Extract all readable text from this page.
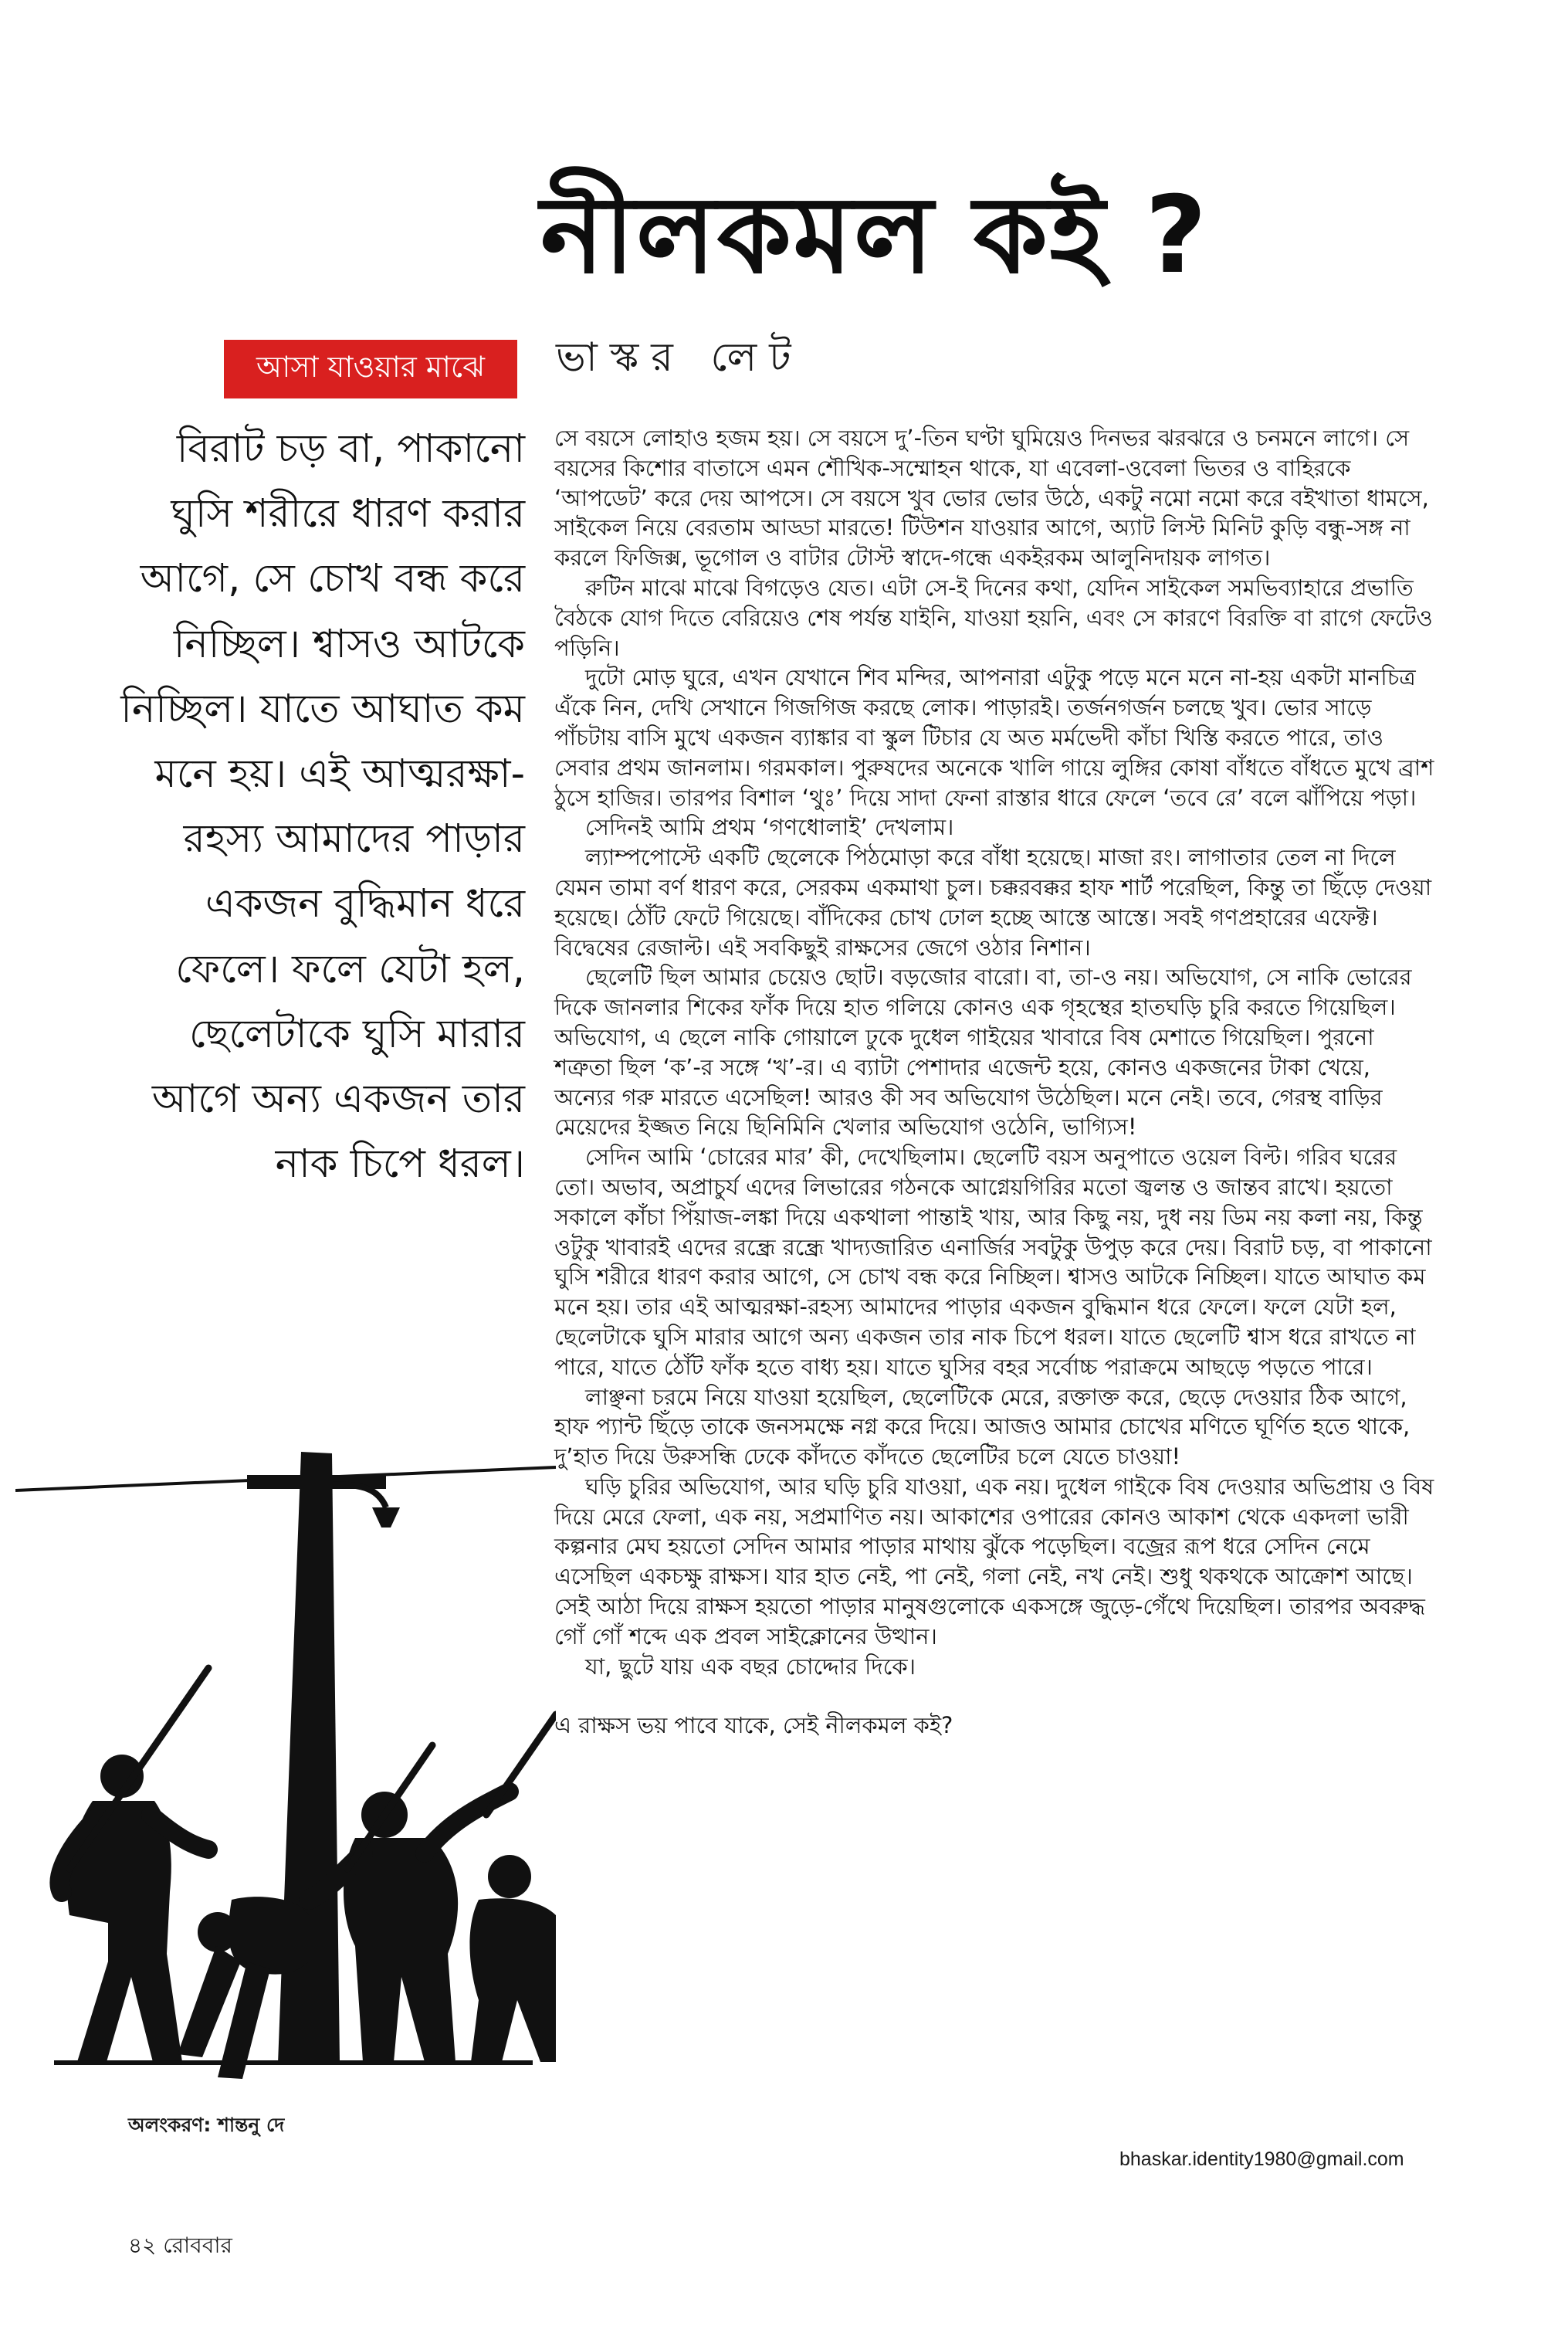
নীলকমল কই ?
ভাস্কর লেট
আসা যাওয়ার মাঝে

বিরাট চড় বা, পাকানো ঘুসি শরীরে ধারণ করার আগে, সে চোখ বন্ধ করে নিচ্ছিল। শ্বাসও আটকে নিচ্ছিল। যাতে আঘাত কম মনে হয়। এই আত্মরক্ষা-রহস্য আমাদের পাড়ার একজন বুদ্ধিমান ধরে ফেলে। ফলে যেটা হল, ছেলেটাকে ঘুসি মারার আগে অন্য একজন তার নাক চিপে ধরল।

সে বয়সে লোহাও হজম হয়। সে বয়সে দু’-তিন ঘণ্টা ঘুমিয়েও দিনভর ঝরঝরে ও চনমনে লাগে। সে বয়সের কিশোর বাতাসে এমন শৌখিক-সম্মোহন থাকে, যা এবেলা-ওবেলা ভিতর ও বাহিরকে ‘আপডেট’ করে দেয় আপসে। সে বয়সে খুব ভোর ভোর উঠে, একটু নমো নমো করে বইখাতা ধামসে, সাইকেল নিয়ে বেরতাম আড্ডা মারতে! টিউশন যাওয়ার আগে, অ্যাট লিস্ট মিনিট কুড়ি বন্ধু-সঙ্গ না করলে ফিজিক্স, ভূগোল ও বাটার টোস্ট স্বাদে-গন্ধে একইরকম আলুনিদায়ক লাগত।

রুটিন মাঝে মাঝে বিগড়েও যেত। এটা সে-ই দিনের কথা, যেদিন সাইকেল সমভিব্যাহারে প্রভাতি বৈঠকে যোগ দিতে বেরিয়েও শেষ পর্যন্ত যাইনি, যাওয়া হয়নি, এবং সে কারণে বিরক্তি বা রাগে ফেটেও পড়িনি।

দুটো মোড় ঘুরে, এখন যেখানে শিব মন্দির, আপনারা এটুকু পড়ে মনে মনে না-হয় একটা মানচিত্র এঁকে নিন, দেখি সেখানে গিজগিজ করছে লোক। পাড়ারই। তর্জনগর্জন চলছে খুব। ভোর সাড়ে পাঁচটায় বাসি মুখে একজন ব্যাঙ্কার বা স্কুল টিচার যে অত মর্মভেদী কাঁচা খিস্তি করতে পারে, তাও সেবার প্রথম জানলাম। গরমকাল। পুরুষদের অনেকে খালি গায়ে লুঙ্গির কোষা বাঁধতে বাঁধতে মুখে ব্রাশ ঠুসে হাজির। তারপর বিশাল ‘থুঃ’ দিয়ে সাদা ফেনা রাস্তার ধারে ফেলে ‘তবে রে’ বলে ঝাঁপিয়ে পড়া।

সেদিনই আমি প্রথম ‘গণধোলাই’ দেখলাম।

ল্যাম্পপোস্টে একটি ছেলেকে পিঠমোড়া করে বাঁধা হয়েছে। মাজা রং। লাগাতার তেল না দিলে যেমন তামা বর্ণ ধারণ করে, সেরকম একমাথা চুল। চক্করবক্কর হাফ শার্ট পরেছিল, কিন্তু তা ছিঁড়ে দেওয়া হয়েছে। ঠোঁট ফেটে গিয়েছে। বাঁদিকের চোখ ঢোল হচ্ছে আস্তে আস্তে। সবই গণপ্রহারের এফেক্ট। বিদ্বেষের রেজাল্ট। এই সবকিছুই রাক্ষসের জেগে ওঠার নিশান।

ছেলেটি ছিল আমার চেয়েও ছোট। বড়জোর বারো। বা, তা-ও নয়। অভিযোগ, সে নাকি ভোরের দিকে জানলার শিকের ফাঁক দিয়ে হাত গলিয়ে কোনও এক গৃহস্থের হাতঘড়ি চুরি করতে গিয়েছিল। অভিযোগ, এ ছেলে নাকি গোয়ালে ঢুকে দুধেল গাইয়ের খাবারে বিষ মেশাতে গিয়েছিল। পুরনো শত্রুতা ছিল ‘ক’-র সঙ্গে ‘খ’-র। এ ব্যাটা পেশাদার এজেন্ট হয়ে, কোনও একজনের টাকা খেয়ে, অন্যের গরু মারতে এসেছিল! আরও কী সব অভিযোগ উঠেছিল। মনে নেই। তবে, গেরস্থ বাড়ির মেয়েদের ইজ্জত নিয়ে ছিনিমিনি খেলার অভিযোগ ওঠেনি, ভাগ্যিস!

সেদিন আমি ‘চোরের মার’ কী, দেখেছিলাম। ছেলেটি বয়স অনুপাতে ওয়েল বিল্ট। গরিব ঘরের তো। অভাব, অপ্রাচুর্য এদের লিভারের গঠনকে আগ্নেয়গিরির মতো জ্বলন্ত ও জান্তব রাখে। হয়তো সকালে কাঁচা পিঁয়াজ-লঙ্কা দিয়ে একথালা পান্তাই খায়, আর কিছু নয়, দুধ নয় ডিম নয় কলা নয়, কিন্তু ওটুকু খাবারই এদের রন্ধ্রে রন্ধ্রে খাদ্যজারিত এনার্জির সবটুকু উপুড় করে দেয়। বিরাট চড়, বা পাকানো ঘুসি শরীরে ধারণ করার আগে, সে চোখ বন্ধ করে নিচ্ছিল। শ্বাসও আটকে নিচ্ছিল। যাতে আঘাত কম মনে হয়। তার এই আত্মরক্ষা-রহস্য আমাদের পাড়ার একজন বুদ্ধিমান ধরে ফেলে। ফলে যেটা হল, ছেলেটাকে ঘুসি মারার আগে অন্য একজন তার নাক চিপে ধরল। যাতে ছেলেটি শ্বাস ধরে রাখতে না পারে, যাতে ঠোঁট ফাঁক হতে বাধ্য হয়। যাতে ঘুসির বহর সর্বোচ্চ পরাক্রমে আছড়ে পড়তে পারে।

লাঞ্ছনা চরমে নিয়ে যাওয়া হয়েছিল, ছেলেটিকে মেরে, রক্তাক্ত করে, ছেড়ে দেওয়ার ঠিক আগে, হাফ প্যান্ট ছিঁড়ে তাকে জনসমক্ষে নগ্ন করে দিয়ে। আজও আমার চোখের মণিতে ঘূর্ণিত হতে থাকে, দু’হাত দিয়ে উরুসন্ধি ঢেকে কাঁদতে কাঁদতে ছেলেটির চলে যেতে চাওয়া!

ঘড়ি চুরির অভিযোগ, আর ঘড়ি চুরি যাওয়া, এক নয়। দুধেল গাইকে বিষ দেওয়ার অভিপ্রায় ও বিষ দিয়ে মেরে ফেলা, এক নয়, সপ্রমাণিত নয়। আকাশের ওপারের কোনও আকাশ থেকে একদলা ভারী কল্পনার মেঘ হয়তো সেদিন আমার পাড়ার মাথায় ঝুঁকে পড়েছিল। বজ্রের রূপ ধরে সেদিন নেমে এসেছিল একচক্ষু রাক্ষস। যার হাত নেই, পা নেই, গলা নেই, নখ নেই। শুধু থকথকে আক্রোশ আছে। সেই আঠা দিয়ে রাক্ষস হয়তো পাড়ার মানুষগুলোকে একসঙ্গে জুড়ে-গেঁথে দিয়েছিল। তারপর অবরুদ্ধ গোঁ গোঁ শব্দে এক প্রবল সাইক্লোনের উত্থান।

যা, ছুটে যায় এক বছর চোদ্দোর দিকে।

এ রাক্ষস ভয় পাবে যাকে, সেই নীলকমল কই?

অলংকরণ: শান্তনু দে
bhaskar.identity1980@gmail.com
৪২ রোববার
